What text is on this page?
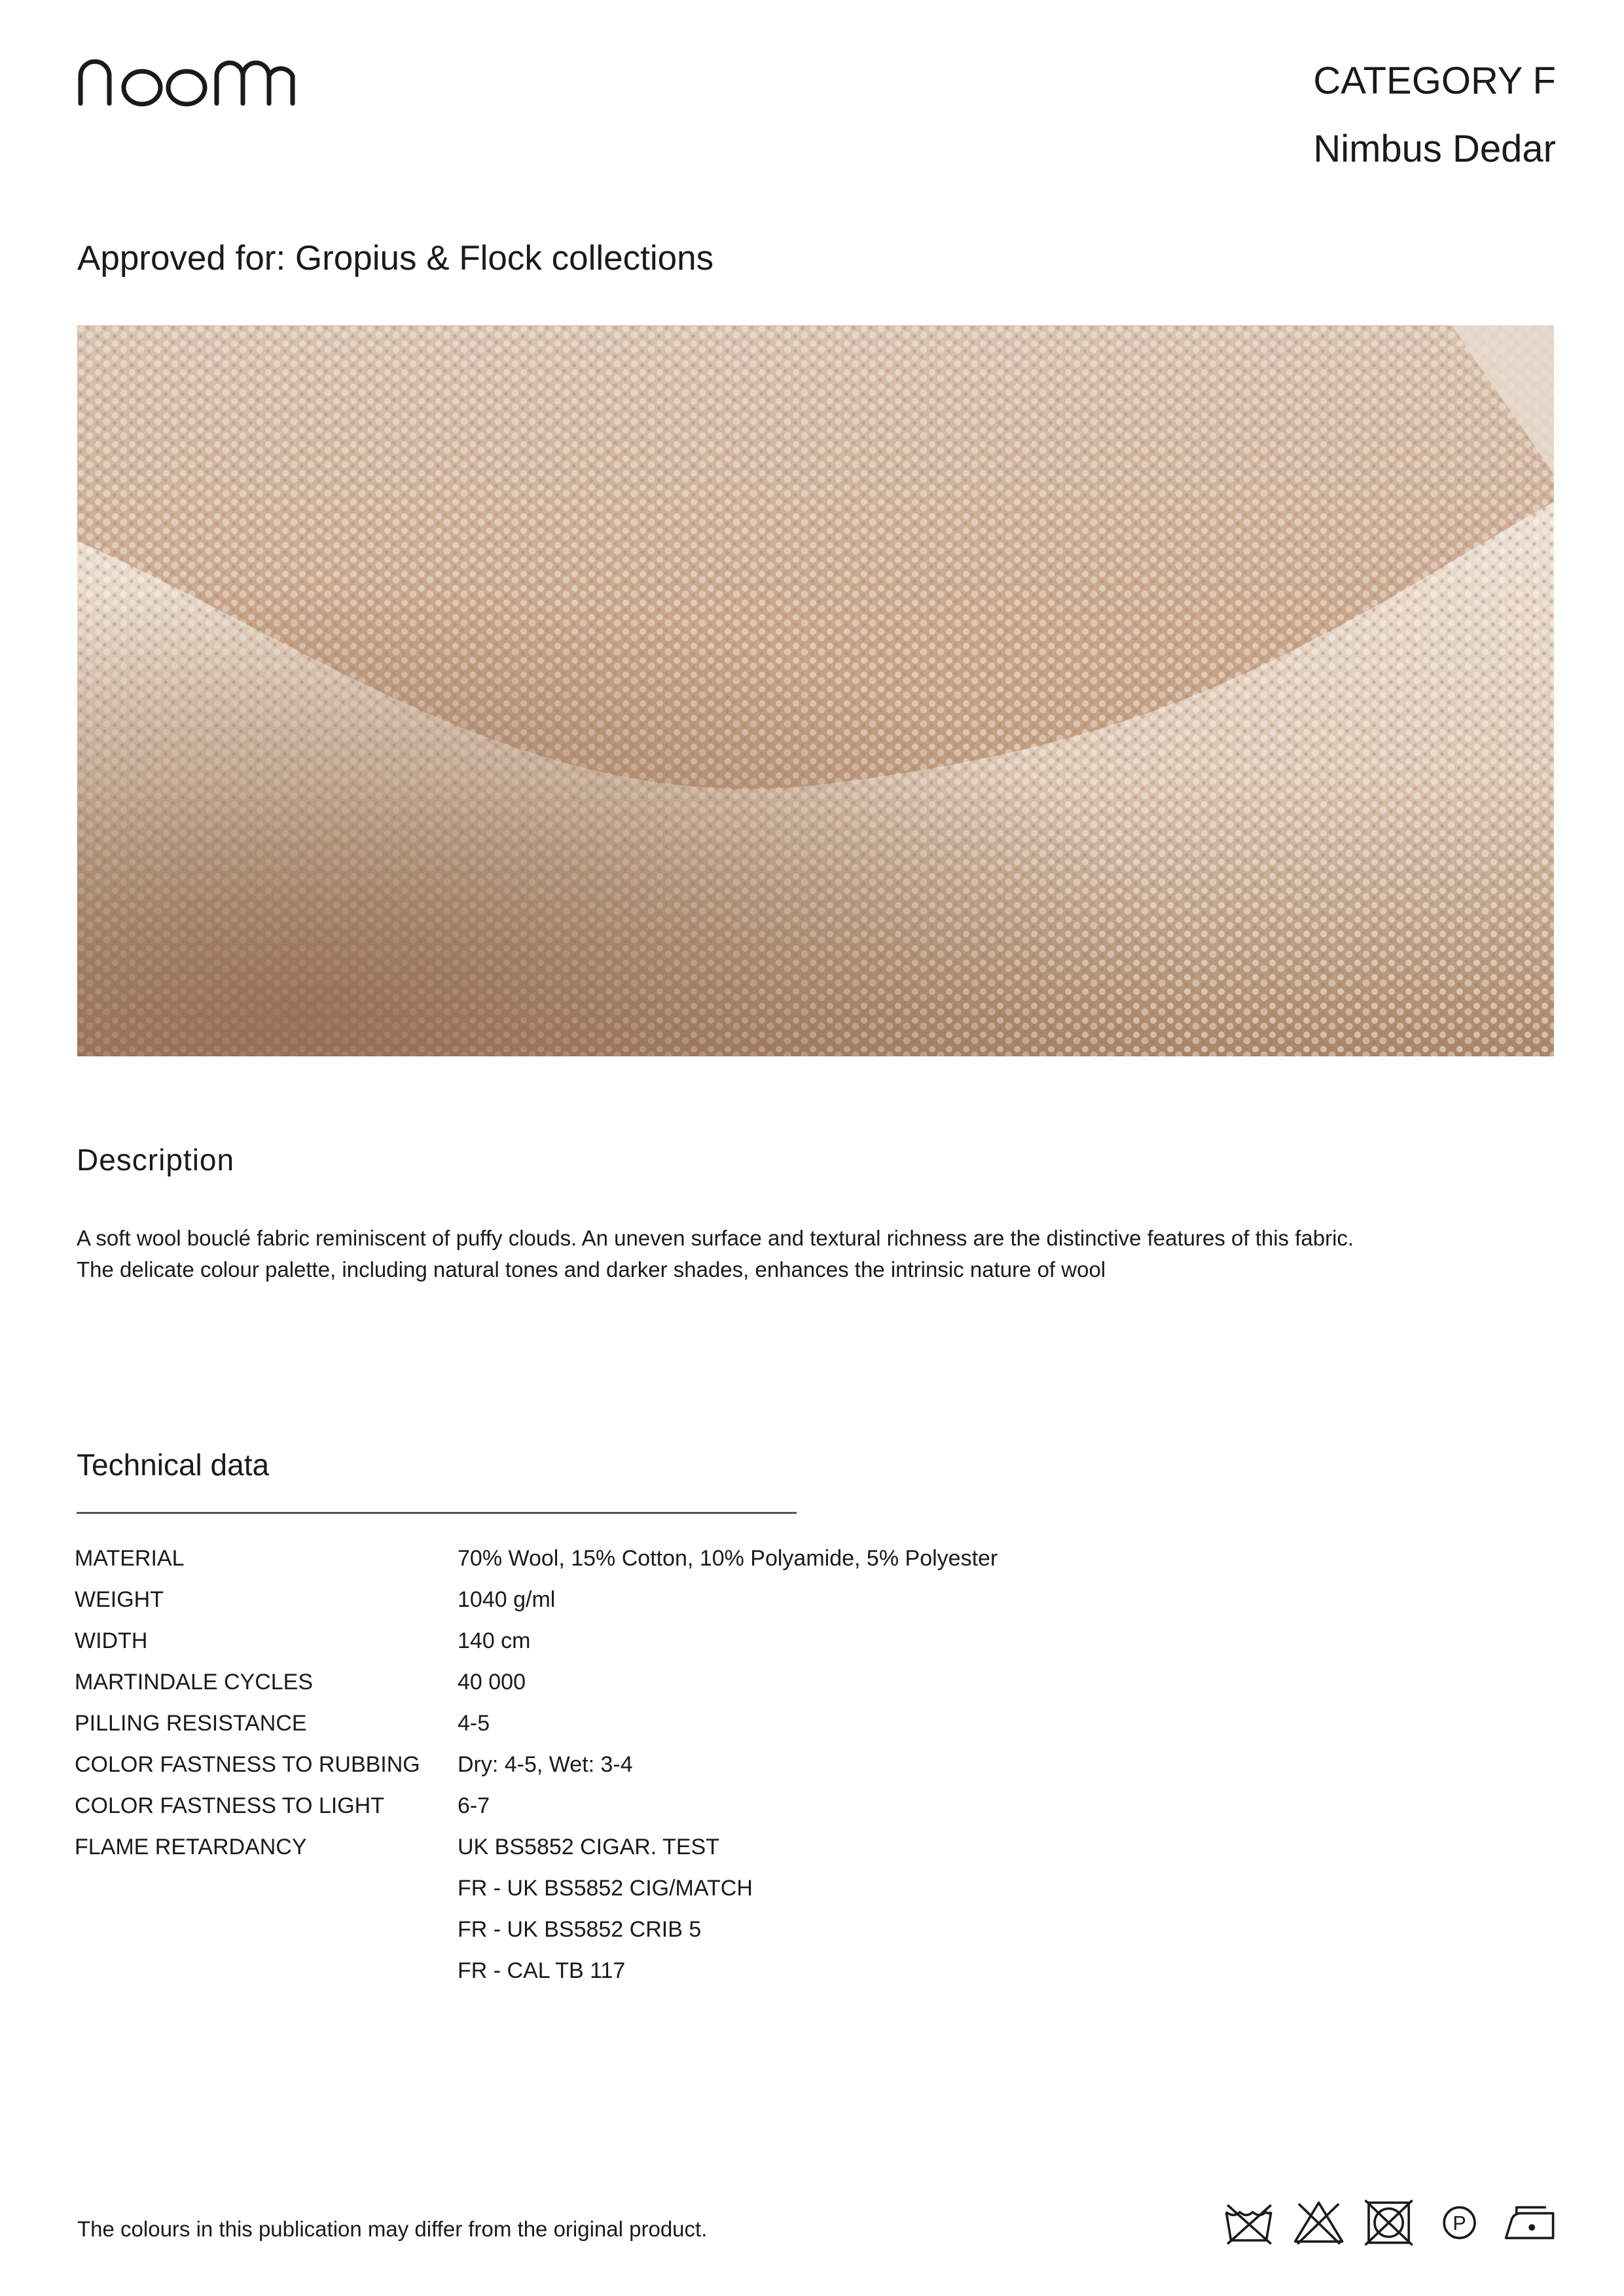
CATEGORY F
Nimbus Dedar
Approved for: Gropius & Flock collections
Description

A soft wool bouclé fabric reminiscent of puffy clouds. An uneven surface and textural richness are the distinctive features of this fabric.

The delicate colour palette, including natural tones and darker shades, enhances the intrinsic nature of wool

Technical data
MATERIAL	70% Wool, 15% Cotton, 10% Polyamide, 5% Polyester
WEIGHT	1040 g/ml
WIDTH	140 cm
MARTINDALE CYCLES	40 000
PILLING RESISTANCE	4-5
COLOR FASTNESS TO RUBBING	Dry: 4-5, Wet: 3-4
COLOR FASTNESS TO LIGHT	6-7
FLAME RETARDANCY	UK BS5852 CIGAR. TEST
FR - UK BS5852 CIG/MATCH
FR - UK BS5852 CRIB 5
FR - CAL TB 117
The colours in this publication may differ from the original product.	P
